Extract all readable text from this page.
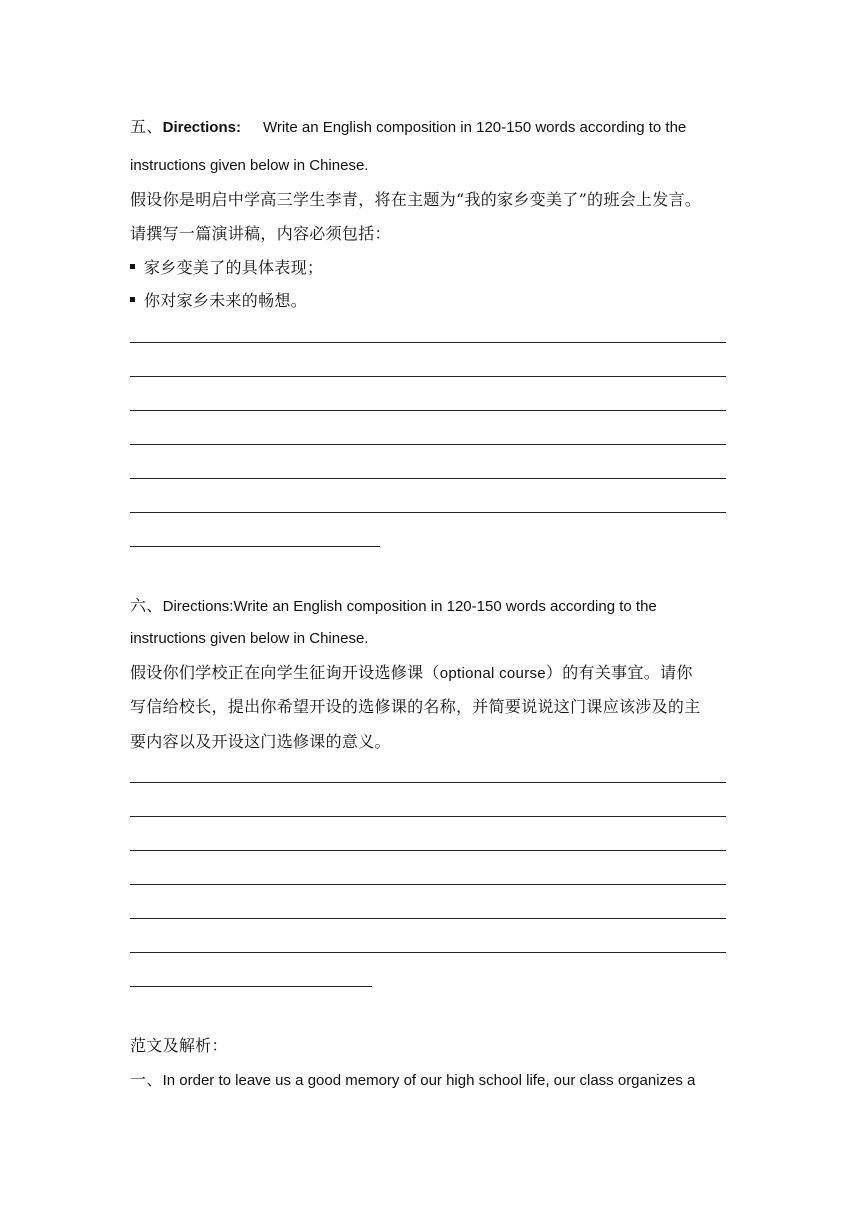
五、Directions: Write an English composition in 120-150 words according to the
instructions given below in Chinese.
假设你是明启中学高三学生李青，将在主题为“我的家乡变美了”的班会上发言。
请撰写一篇演讲稿，内容必须包括：
家乡变美了的具体表现；
你对家乡未来的畅想。
六、Directions:Write an English composition in 120-150 words according to the
instructions given below in Chinese.
假设你们学校正在向学生征询开设选修课（optional course）的有关事宜。请你
写信给校长，提出你希望开设的选修课的名称，并简要说说这门课应该涉及的主
要内容以及开设这门选修课的意义。
范文及解析：
一、In order to leave us a good memory of our high school life, our class organizes a
